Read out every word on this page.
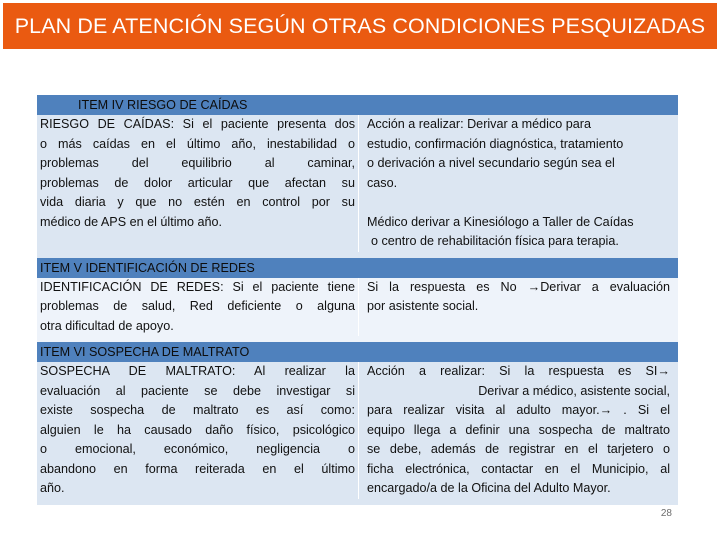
PLAN DE ATENCIÓN SEGÚN OTRAS CONDICIONES PESQUIZADAS
ITEM IV RIESGO DE CAÍDAS
RIESGO DE CAÍDAS: Si el paciente presenta dos
o más caídas en el último año, inestabilidad o
problemas del equilibrio al caminar,
problemas de dolor articular que afectan su
vida diaria y que no estén en control por su
médico de APS en el último año.
Acción a realizar: Derivar a médico para
estudio, confirmación diagnóstica, tratamiento
o derivación a nivel secundario según sea el
caso.
Médico derivar a Kinesiólogo a Taller de Caídas
o centro de rehabilitación física para terapia.
ITEM V IDENTIFICACIÓN DE REDES
IDENTIFICACIÓN DE REDES: Si el paciente tiene
problemas de salud, Red deficiente o alguna
otra dificultad de apoyo.
Si la respuesta es No →Derivar a evaluación
por asistente social.
ITEM VI SOSPECHA DE MALTRATO
SOSPECHA DE MALTRATO: Al realizar la
evaluación al paciente se debe investigar si
existe sospecha de maltrato es así como:
alguien le ha causado daño físico, psicológico
o emocional, económico, negligencia o
abandono en forma reiterada en el último
año.
Acción a realizar: Si la respuesta es SI→
Derivar a médico, asistente social,
para realizar visita al adulto mayor.→ . Si el
equipo llega a definir una sospecha de maltrato
se debe, además de registrar en el tarjetero o
ficha electrónica, contactar en el Municipio, al
encargado/a de la Oficina del Adulto Mayor.
28
